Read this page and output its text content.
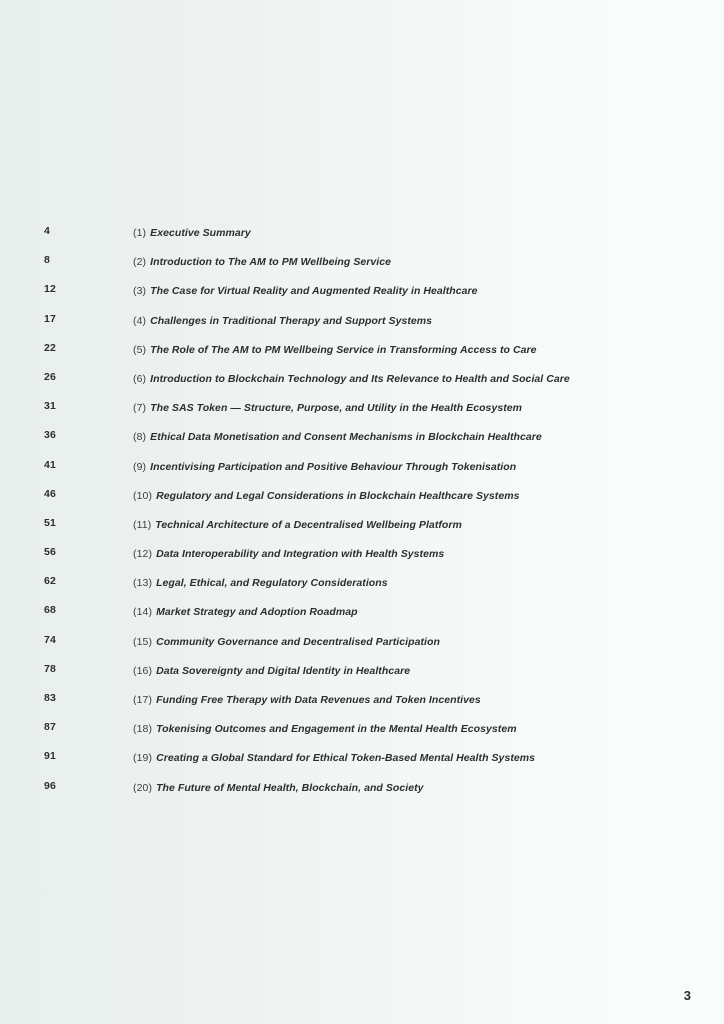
4	(1) Executive Summary
8	(2) Introduction to The AM to PM Wellbeing Service
12	(3) The Case for Virtual Reality and Augmented Reality in Healthcare
17	(4) Challenges in Traditional Therapy and Support Systems
22	(5) The Role of The AM to PM Wellbeing Service in Transforming Access to Care
26	(6) Introduction to Blockchain Technology and Its Relevance to Health and Social Care
31	(7) The SAS Token — Structure, Purpose, and Utility in the Health Ecosystem
36	(8) Ethical Data Monetisation and Consent Mechanisms in Blockchain Healthcare
41	(9) Incentivising Participation and Positive Behaviour Through Tokenisation
46	(10) Regulatory and Legal Considerations in Blockchain Healthcare Systems
51	(11) Technical Architecture of a Decentralised Wellbeing Platform
56	(12) Data Interoperability and Integration with Health Systems
62	(13) Legal, Ethical, and Regulatory Considerations
68	(14) Market Strategy and Adoption Roadmap
74	(15) Community Governance and Decentralised Participation
78	(16) Data Sovereignty and Digital Identity in Healthcare
83	(17) Funding Free Therapy with Data Revenues and Token Incentives
87	(18) Tokenising Outcomes and Engagement in the Mental Health Ecosystem
91	(19) Creating a Global Standard for Ethical Token-Based Mental Health Systems
96	(20) The Future of Mental Health, Blockchain, and Society
3
